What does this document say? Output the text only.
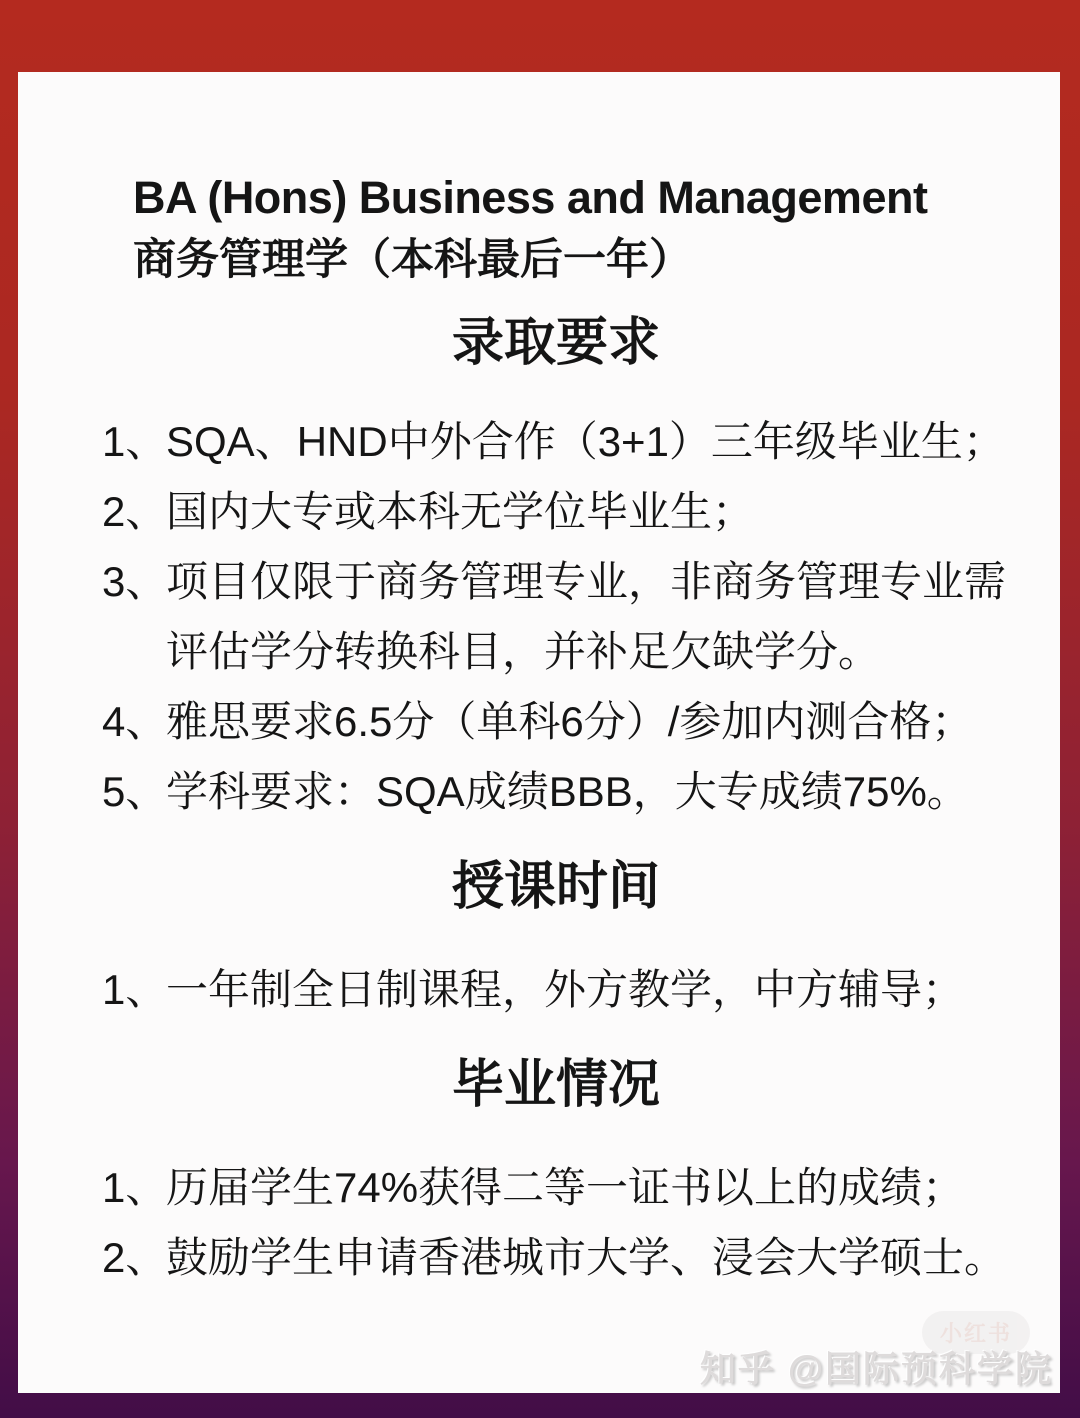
BA (Hons) Business and Management
商务管理学（本科最后一年）
录取要求
1、
SQA、HND中外合作（3+1）三年级毕业生；
2、
国内大专或本科无学位毕业生；
3、
项目仅限于商务管理专业，非商务管理专业需评估学分转换科目，并补足欠缺学分。
4、
雅思要求6.5分（单科6分）/参加内测合格；
5、
学科要求：SQA成绩BBB，大专成绩75%。
授课时间
1、
一年制全日制课程，外方教学，中方辅导；
毕业情况
1、
历届学生74%获得二等一证书以上的成绩；
2、
鼓励学生申请香港城市大学、浸会大学硕士。
小红书
知乎 @国际预科学院
